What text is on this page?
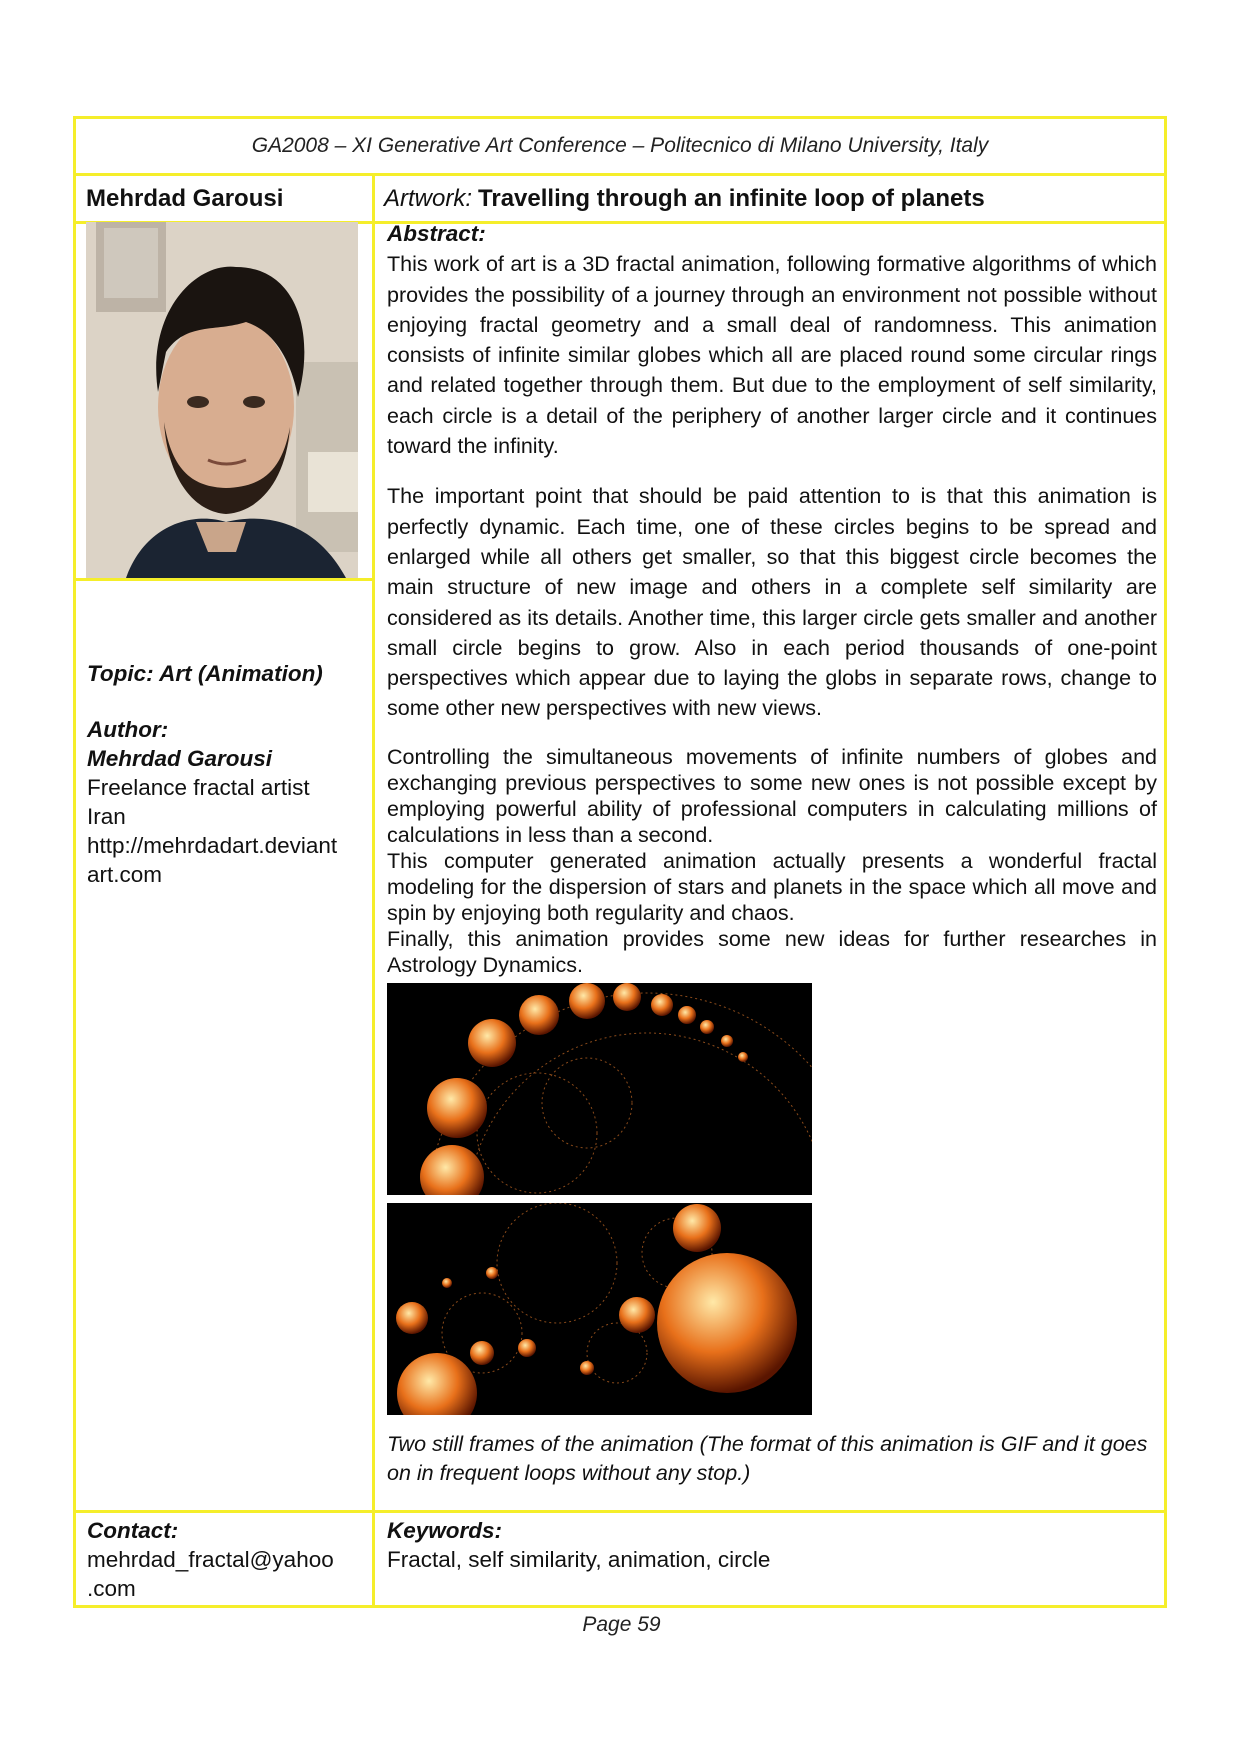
GA2008 – XI Generative Art Conference – Politecnico di Milano University, Italy
Mehrdad Garousi	Artwork: Travelling through an infinite loop of planets

Topic: Art (Animation)

Author:

Mehrdad Garousi

Freelance fractal artist

Iran

http://mehrdadart.deviant

art.com

Abstract:

This work of art is a 3D fractal animation, following formative algorithms of which provides the possibility of a journey through an environment not possible without enjoying fractal geometry and a small deal of randomness. This animation consists of infinite similar globes which all are placed round some circular rings and related together through them. But due to the employment of self similarity, each circle is a detail of the periphery of another larger circle and it continues toward the infinity.

The important point that should be paid attention to is that this animation is perfectly dynamic. Each time, one of these circles begins to be spread and enlarged while all others get smaller, so that this biggest circle becomes the main structure of new image and others in a complete self similarity are considered as its details. Another time, this larger circle gets smaller and another small circle begins to grow. Also in each period thousands of one-point perspectives which appear due to laying the globs in separate rows, change to some other new perspectives with new views.

Controlling the simultaneous movements of infinite numbers of globes and exchanging previous perspectives to some new ones is not possible except by employing powerful ability of professional computers in calculating millions of calculations in less than a second.

This computer generated animation actually presents a wonderful fractal modeling for the dispersion of stars and planets in the space which all move and spin by enjoying both regularity and chaos.

Finally, this animation provides some new ideas for further researches in Astrology Dynamics.

Two still frames of the animation (The format of this animation is GIF and it goes on in frequent loops without any stop.)
Contact:
mehrdad_fractal@yahoo
.com
Keywords:
Fractal, self similarity, animation, circle
Page 59
